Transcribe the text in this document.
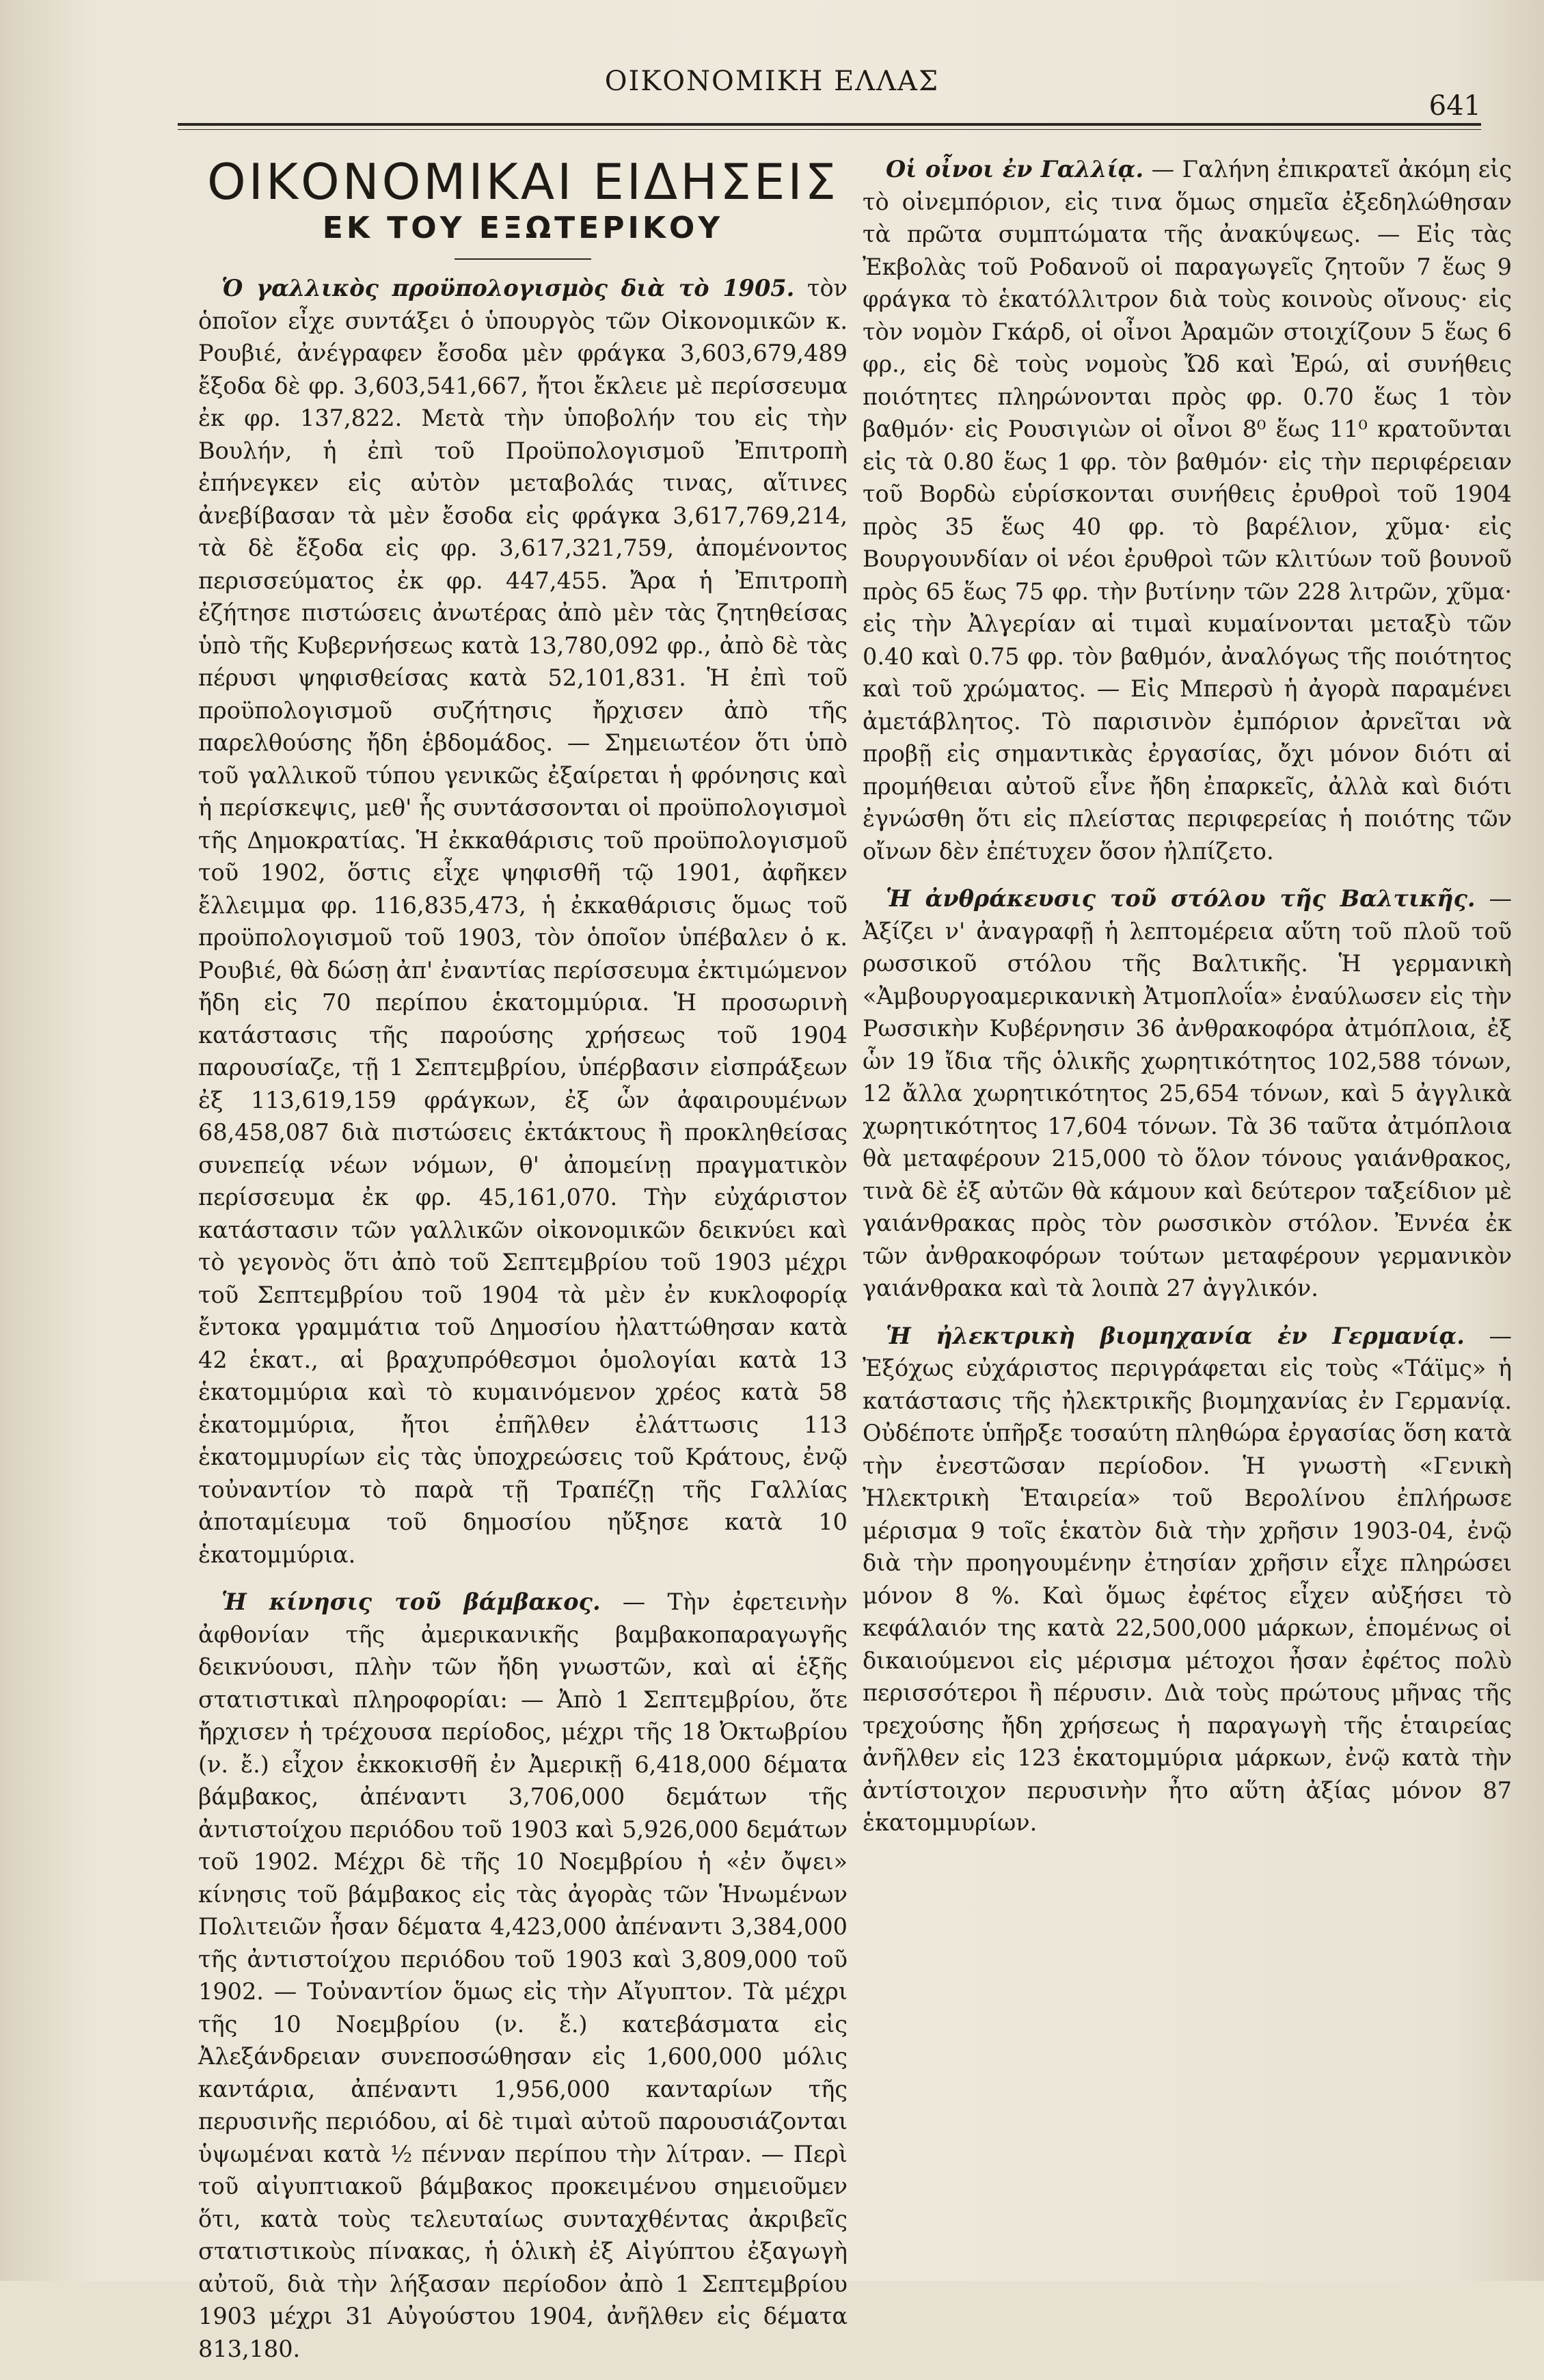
ΟΙΚΟΝΟΜΙΚΗ ΕΛΛΑΣ
641
ΟΙΚΟΝΟΜΙΚΑΙ ΕΙΔΗΣΕΙΣ
ΕΚ ΤΟΥ ΕΞΩΤΕΡΙΚΟΥ

Ὁ γαλλικὸς προϋπολογισμὸς διὰ τὸ 1905. τὸν ὁποῖον εἶχε συντάξει ὁ ὑπουργὸς τῶν Οἰκονομικῶν κ. Ρουβιέ, ἀνέγραφεν ἔσοδα μὲν φράγκα 3,603,679,489 ἔξοδα δὲ φρ. 3,603,541,667, ἤτοι ἔκλειε μὲ περίσσευμα ἐκ φρ. 137,822. Μετὰ τὴν ὑποβολήν του εἰς τὴν Βουλήν, ἡ ἐπὶ τοῦ Προϋπολογισμοῦ Ἐπιτροπὴ ἐπήνεγκεν εἰς αὐτὸν μεταβολάς τινας, αἵτινες ἀνεβίβασαν τὰ μὲν ἔσοδα εἰς φράγκα 3,617,769,214, τὰ δὲ ἔξοδα εἰς φρ. 3,617,321,759, ἀπομένοντος περισσεύματος ἐκ φρ. 447,455. Ἄρα ἡ Ἐπιτροπὴ ἐζήτησε πιστώσεις ἀνωτέρας ἀπὸ μὲν τὰς ζητηθείσας ὑπὸ τῆς Κυβερνήσεως κατὰ 13,780,092 φρ., ἀπὸ δὲ τὰς πέρυσι ψηφισθείσας κατὰ 52,101,831. Ἡ ἐπὶ τοῦ προϋπολογισμοῦ συζήτησις ἤρχισεν ἀπὸ τῆς παρελθούσης ἤδη ἑβδομάδος. — Σημειωτέον ὅτι ὑπὸ τοῦ γαλλικοῦ τύπου γενικῶς ἐξαίρεται ἡ φρόνησις καὶ ἡ περίσκεψις, μεθ' ἧς συντάσσονται οἱ προϋπολογισμοὶ τῆς Δημοκρατίας. Ἡ ἐκκαθάρισις τοῦ προϋπολογισμοῦ τοῦ 1902, ὅστις εἶχε ψηφισθῆ τῷ 1901, ἀφῆκεν ἔλλειμμα φρ. 116,835,473, ἡ ἐκκαθάρισις ὅμως τοῦ προϋπολογισμοῦ τοῦ 1903, τὸν ὁποῖον ὑπέβαλεν ὁ κ. Ρουβιέ, θὰ δώσῃ ἀπ' ἐναντίας περίσσευμα ἐκτιμώμενον ἤδη εἰς 70 περίπου ἑκατομμύρια. Ἡ προσωρινὴ κατάστασις τῆς παρούσης χρήσεως τοῦ 1904 παρουσίαζε, τῇ 1 Σεπτεμβρίου, ὑπέρβασιν εἰσπράξεων ἐξ 113,619,159 φράγκων, ἐξ ὧν ἀφαιρουμένων 68,458,087 διὰ πιστώσεις ἐκτάκτους ἢ προκληθείσας συνεπείᾳ νέων νόμων, θ' ἀπομείνῃ πραγματικὸν περίσσευμα ἐκ φρ. 45,161,070. Τὴν εὐχάριστον κατάστασιν τῶν γαλλικῶν οἰκονομικῶν δεικνύει καὶ τὸ γεγονὸς ὅτι ἀπὸ τοῦ Σεπτεμβρίου τοῦ 1903 μέχρι τοῦ Σεπτεμβρίου τοῦ 1904 τὰ μὲν ἐν κυκλοφορίᾳ ἔντοκα γραμμάτια τοῦ Δημοσίου ἠλαττώθησαν κατὰ 42 ἑκατ., αἱ βραχυπρόθεσμοι ὁμολογίαι κατὰ 13 ἑκατομμύρια καὶ τὸ κυμαινόμενον χρέος κατὰ 58 ἑκατομμύρια, ἤτοι ἐπῆλθεν ἐλάττωσις 113 ἑκατομμυρίων εἰς τὰς ὑποχρεώσεις τοῦ Κράτους, ἐνῷ τοὐναντίον τὸ παρὰ τῇ Τραπέζῃ τῆς Γαλλίας ἀποταμίευμα τοῦ δημοσίου ηὔξησε κατὰ 10 ἑκατομμύρια.

Ἡ κίνησις τοῦ βάμβακος. — Τὴν ἐφετεινὴν ἀφθονίαν τῆς ἀμερικανικῆς βαμβακοπαραγωγῆς δεικνύουσι, πλὴν τῶν ἤδη γνωστῶν, καὶ αἱ ἑξῆς στατιστικαὶ πληροφορίαι: — Ἀπὸ 1 Σεπτεμβρίου, ὅτε ἤρχισεν ἡ τρέχουσα περίοδος, μέχρι τῆς 18 Ὀκτωβρίου (ν. ἔ.) εἶχον ἐκκοκισθῆ ἐν Ἀμερικῇ 6,418,000 δέματα βάμβακος, ἀπέναντι 3,706,000 δεμάτων τῆς ἀντιστοίχου περιόδου τοῦ 1903 καὶ 5,926,000 δεμάτων τοῦ 1902. Μέχρι δὲ τῆς 10 Νοεμβρίου ἡ «ἐν ὄψει» κίνησις τοῦ βάμβακος εἰς τὰς ἀγορὰς τῶν Ἡνωμένων Πολιτειῶν ἦσαν δέματα 4,423,000 ἀπέναντι 3,384,000 τῆς ἀντιστοίχου περιόδου τοῦ 1903 καὶ 3,809,000 τοῦ 1902. — Τοὐναντίον ὅμως εἰς τὴν Αἴγυπτον. Τὰ μέχρι τῆς 10 Νοεμβρίου (ν. ἔ.) κατεβάσματα εἰς Ἀλεξάνδρειαν συνεποσώθησαν εἰς 1,600,000 μόλις καντάρια, ἀπέναντι 1,956,000 κανταρίων τῆς περυσινῆς περιόδου, αἱ δὲ τιμαὶ αὐτοῦ παρουσιάζονται ὑψωμέναι κατὰ ½ πένναν περίπου τὴν λίτραν. — Περὶ τοῦ αἰγυπτιακοῦ βάμβακος προκειμένου σημειοῦμεν ὅτι, κατὰ τοὺς τελευταίως συνταχθέντας ἀκριβεῖς στατιστικοὺς πίνακας, ἡ ὁλικὴ ἐξ Αἰγύπτου ἐξαγωγὴ αὐτοῦ, διὰ τὴν λήξασαν περίοδον ἀπὸ 1 Σεπτεμβρίου 1903 μέχρι 31 Αὐγούστου 1904, ἀνῆλθεν εἰς δέματα 813,180.

Οἱ οἶνοι ἐν Γαλλίᾳ. — Γαλήνη ἐπικρατεῖ ἀκόμη εἰς τὸ οἰνεμπόριον, εἰς τινα ὅμως σημεῖα ἐξεδηλώθησαν τὰ πρῶτα συμπτώματα τῆς ἀνακύψεως. — Εἰς τὰς Ἐκβολὰς τοῦ Ροδανοῦ οἱ παραγωγεῖς ζητοῦν 7 ἕως 9 φράγκα τὸ ἑκατόλλιτρον διὰ τοὺς κοινοὺς οἴνους· εἰς τὸν νομὸν Γκάρδ, οἱ οἶνοι Ἀραμῶν στοιχίζουν 5 ἕως 6 φρ., εἰς δὲ τοὺς νομοὺς Ὤδ καὶ Ἐρώ, αἱ συνήθεις ποιότητες πληρώνονται πρὸς φρ. 0.70 ἕως 1 τὸν βαθμόν· εἰς Ρουσιγιὼν οἱ οἶνοι 8⁰ ἕως 11⁰ κρατοῦνται εἰς τὰ 0.80 ἕως 1 φρ. τὸν βαθμόν· εἰς τὴν περιφέρειαν τοῦ Βορδὼ εὑρίσκονται συνήθεις ἐρυθροὶ τοῦ 1904 πρὸς 35 ἕως 40 φρ. τὸ βαρέλιον, χῦμα· εἰς Βουργουνδίαν οἱ νέοι ἐρυθροὶ τῶν κλιτύων τοῦ βουνοῦ πρὸς 65 ἕως 75 φρ. τὴν βυτίνην τῶν 228 λιτρῶν, χῦμα· εἰς τὴν Ἀλγερίαν αἱ τιμαὶ κυμαίνονται μεταξὺ τῶν 0.40 καὶ 0.75 φρ. τὸν βαθμόν, ἀναλόγως τῆς ποιότητος καὶ τοῦ χρώματος. — Εἰς Μπερσὺ ἡ ἀγορὰ παραμένει ἀμετάβλητος. Τὸ παρισινὸν ἐμπόριον ἀρνεῖται νὰ προβῇ εἰς σημαντικὰς ἐργασίας, ὄχι μόνον διότι αἱ προμήθειαι αὐτοῦ εἶνε ἤδη ἐπαρκεῖς, ἀλλὰ καὶ διότι ἐγνώσθη ὅτι εἰς πλείστας περιφερείας ἡ ποιότης τῶν οἴνων δὲν ἐπέτυχεν ὅσον ἠλπίζετο.

Ἡ ἀνθράκευσις τοῦ στόλου τῆς Βαλτικῆς. — Ἀξίζει ν' ἀναγραφῇ ἡ λεπτομέρεια αὕτη τοῦ πλοῦ τοῦ ρωσσικοῦ στόλου τῆς Βαλτικῆς. Ἡ γερμανικὴ «Ἀμβουργοαμερικανικὴ Ἀτμοπλοΐα» ἐναύλωσεν εἰς τὴν Ρωσσικὴν Κυβέρνησιν 36 ἀνθρακοφόρα ἀτμόπλοια, ἐξ ὧν 19 ἴδια τῆς ὁλικῆς χωρητικότητος 102,588 τόνων, 12 ἄλλα χωρητικότητος 25,654 τόνων, καὶ 5 ἀγγλικὰ χωρητικότητος 17,604 τόνων. Τὰ 36 ταῦτα ἀτμόπλοια θὰ μεταφέρουν 215,000 τὸ ὅλον τόνους γαιάνθρακος, τινὰ δὲ ἐξ αὐτῶν θὰ κάμουν καὶ δεύτερον ταξείδιον μὲ γαιάνθρακας πρὸς τὸν ρωσσικὸν στόλον. Ἐννέα ἐκ τῶν ἀνθρακοφόρων τούτων μεταφέρουν γερμανικὸν γαιάνθρακα καὶ τὰ λοιπὰ 27 ἀγγλικόν.

Ἡ ἠλεκτρικὴ βιομηχανία ἐν Γερμανίᾳ. — Ἐξόχως εὐχάριστος περιγράφεται εἰς τοὺς «Τάϊμς» ἡ κατάστασις τῆς ἠλεκτρικῆς βιομηχανίας ἐν Γερμανίᾳ. Οὐδέποτε ὑπῆρξε τοσαύτη πληθώρα ἐργασίας ὅση κατὰ τὴν ἐνεστῶσαν περίοδον. Ἡ γνωστὴ «Γενικὴ Ἠλεκτρικὴ Ἑταιρεία» τοῦ Βερολίνου ἐπλήρωσε μέρισμα 9 τοῖς ἑκατὸν διὰ τὴν χρῆσιν 1903-04, ἐνῷ διὰ τὴν προηγουμένην ἐτησίαν χρῆσιν εἶχε πληρώσει μόνον 8 %. Καὶ ὅμως ἐφέτος εἶχεν αὐξήσει τὸ κεφάλαιόν της κατὰ 22,500,000 μάρκων, ἑπομένως οἱ δικαιούμενοι εἰς μέρισμα μέτοχοι ἦσαν ἐφέτος πολὺ περισσότεροι ἢ πέρυσιν. Διὰ τοὺς πρώτους μῆνας τῆς τρεχούσης ἤδη χρήσεως ἡ παραγωγὴ τῆς ἑταιρείας ἀνῆλθεν εἰς 123 ἑκατομμύρια μάρκων, ἐνῷ κατὰ τὴν ἀντίστοιχον περυσινὴν ἦτο αὕτη ἀξίας μόνον 87 ἑκατομμυρίων.
